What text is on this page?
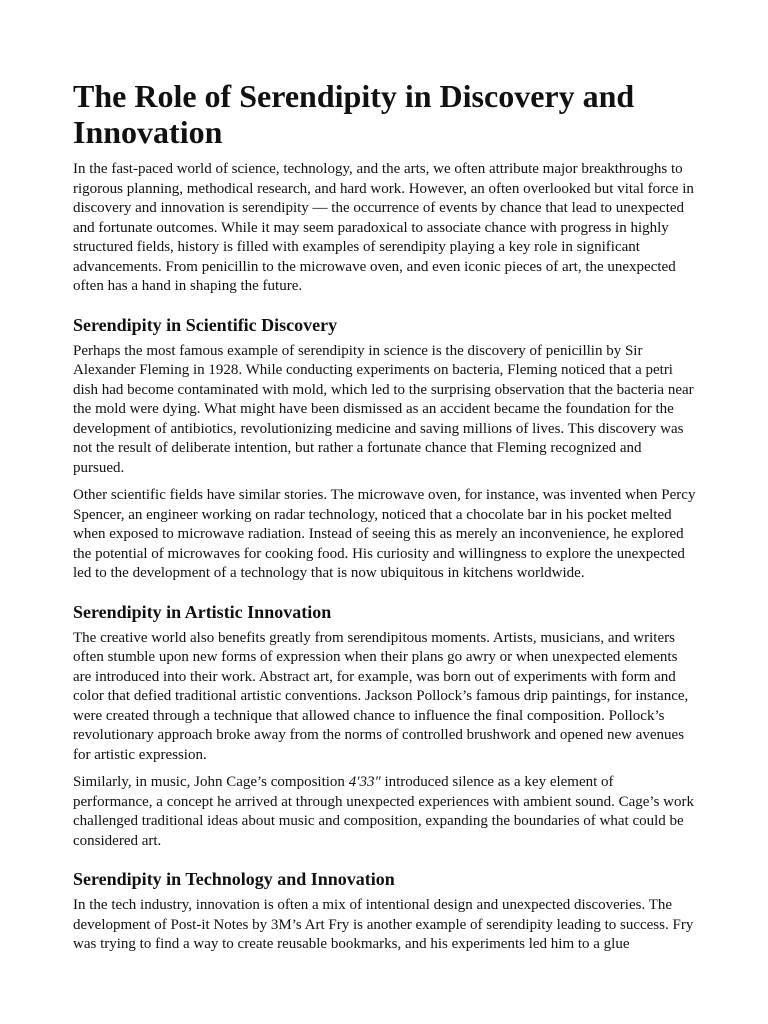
The Role of Serendipity in Discovery and Innovation

In the fast-paced world of science, technology, and the arts, we often attribute major breakthroughs to rigorous planning, methodical research, and hard work. However, an often overlooked but vital force in discovery and innovation is serendipity — the occurrence of events by chance that lead to unexpected and fortunate outcomes. While it may seem paradoxical to associate chance with progress in highly structured fields, history is filled with examples of serendipity playing a key role in significant advancements. From penicillin to the microwave oven, and even iconic pieces of art, the unexpected often has a hand in shaping the future.

Serendipity in Scientific Discovery

Perhaps the most famous example of serendipity in science is the discovery of penicillin by Sir Alexander Fleming in 1928. While conducting experiments on bacteria, Fleming noticed that a petri dish had become contaminated with mold, which led to the surprising observation that the bacteria near the mold were dying. What might have been dismissed as an accident became the foundation for the development of antibiotics, revolutionizing medicine and saving millions of lives. This discovery was not the result of deliberate intention, but rather a fortunate chance that Fleming recognized and pursued.

Other scientific fields have similar stories. The microwave oven, for instance, was invented when Percy Spencer, an engineer working on radar technology, noticed that a chocolate bar in his pocket melted when exposed to microwave radiation. Instead of seeing this as merely an inconvenience, he explored the potential of microwaves for cooking food. His curiosity and willingness to explore the unexpected led to the development of a technology that is now ubiquitous in kitchens worldwide.

Serendipity in Artistic Innovation

The creative world also benefits greatly from serendipitous moments. Artists, musicians, and writers often stumble upon new forms of expression when their plans go awry or when unexpected elements are introduced into their work. Abstract art, for example, was born out of experiments with form and color that defied traditional artistic conventions. Jackson Pollock’s famous drip paintings, for instance, were created through a technique that allowed chance to influence the final composition. Pollock’s revolutionary approach broke away from the norms of controlled brushwork and opened new avenues for artistic expression.

Similarly, in music, John Cage’s composition 4′33″ introduced silence as a key element of performance, a concept he arrived at through unexpected experiences with ambient sound. Cage’s work challenged traditional ideas about music and composition, expanding the boundaries of what could be considered art.

Serendipity in Technology and Innovation

In the tech industry, innovation is often a mix of intentional design and unexpected discoveries. The development of Post-it Notes by 3M’s Art Fry is another example of serendipity leading to success. Fry was trying to find a way to create reusable bookmarks, and his experiments led him to a glue
